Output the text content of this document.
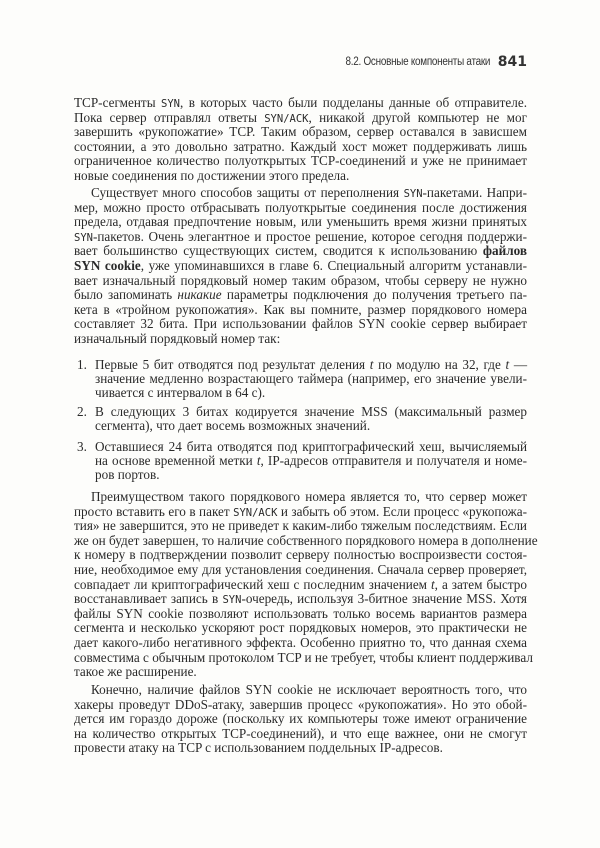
8.2. Основные компоненты атаки 841
TCP-сегменты SYN, в которых часто были подделаны данные об отправителе.
Пока сервер отправлял ответы SYN/ACK, никакой другой компьютер не мог
завершить «рукопожатие» TCP. Таким образом, сервер оставался в зависшем
состоянии, а это довольно затратно. Каждый хост может поддерживать лишь
ограниченное количество полуоткрытых TCP-соединений и уже не принимает
новые соединения по достижении этого предела.
Существует много способов защиты от переполнения SYN-пакетами. Напри-
мер, можно просто отбрасывать полуоткрытые соединения после достижения
предела, отдавая предпочтение новым, или уменьшить время жизни принятых
SYN-пакетов. Очень элегантное и простое решение, которое сегодня поддержи-
вает большинство существующих систем, сводится к использованию файлов
SYN cookie, уже упоминавшихся в главе 6. Специальный алгоритм устанавли-
вает изначальный порядковый номер таким образом, чтобы серверу не нужно
было запоминать никакие параметры подключения до получения третьего па-
кета в «тройном рукопожатия». Как вы помните, размер порядкового номера
составляет 32 бита. При использовании файлов SYN cookie сервер выбирает
изначальный порядковый номер так:
1. Первые 5 бит отводятся под результат деления t по модулю на 32, где t —
значение медленно возрастающего таймера (например, его значение увели-
чивается с интервалом в 64 с).
2. В следующих 3 битах кодируется значение MSS (максимальный размер
сегмента), что дает восемь возможных значений.
3. Оставшиеся 24 бита отводятся под криптографический хеш, вычисляемый
на основе временной метки t, IP-адресов отправителя и получателя и номе-
ров портов.
Преимуществом такого порядкового номера является то, что сервер может
просто вставить его в пакет SYN/ACK и забыть об этом. Если процесс «рукопожа-
тия» не завершится, это не приведет к каким-либо тяжелым последствиям. Если
же он будет завершен, то наличие собственного порядкового номера в дополнение
к номеру в подтверждении позволит серверу полностью воспроизвести состоя-
ние, необходимое ему для установления соединения. Сначала сервер проверяет,
совпадает ли криптографический хеш с последним значением t, а затем быстро
восстанавливает запись в SYN-очередь, используя 3-битное значение MSS. Хотя
файлы SYN cookie позволяют использовать только восемь вариантов размера
сегмента и несколько ускоряют рост порядковых номеров, это практически не
дает какого-либо негативного эффекта. Особенно приятно то, что данная схема
совместима с обычным протоколом TCP и не требует, чтобы клиент поддерживал
такое же расширение.
Конечно, наличие файлов SYN cookie не исключает вероятность того, что
хакеры проведут DDoS-атаку, завершив процесс «рукопожатия». Но это обой-
дется им гораздо дороже (поскольку их компьютеры тоже имеют ограничение
на количество открытых TCP-соединений), и что еще важнее, они не смогут
провести атаку на TCP с использованием поддельных IP-адресов.
